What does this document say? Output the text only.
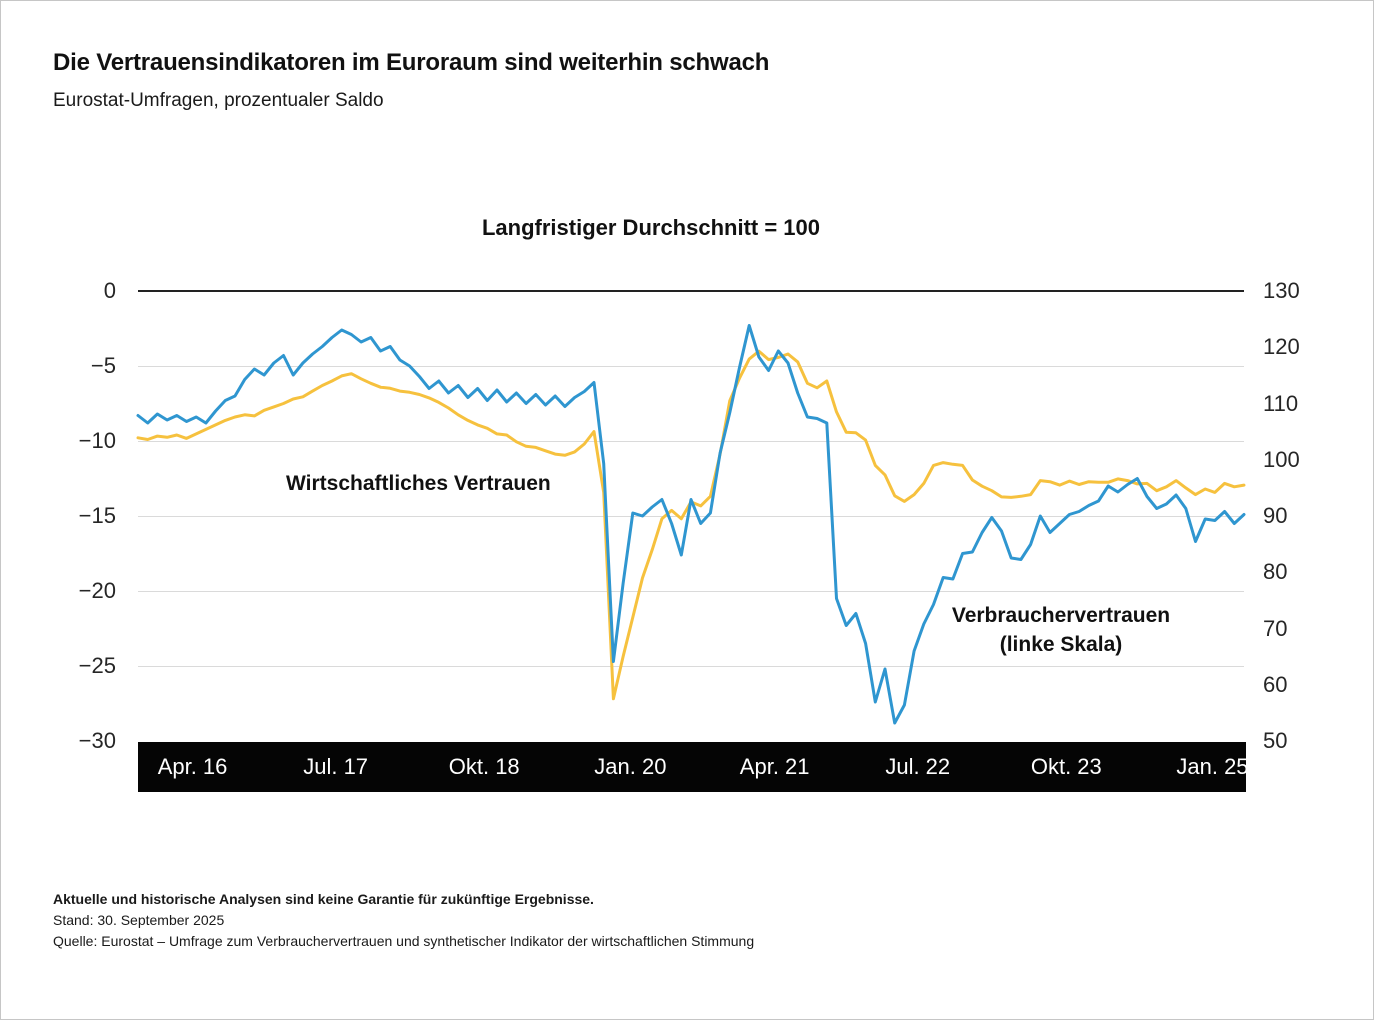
Die Vertrauensindikatoren im Euroraum sind weiterhin schwach
Eurostat-Umfragen, prozentualer Saldo
Langfristiger Durchschnitt = 100
0
−5
−10
−15
−20
−25
−30
130
120
110
100
90
80
70
60
50
Apr. 16	Jul. 17	Okt. 18	Jan. 20	Apr. 21	Jul. 22	Okt. 23	Jan. 25
Wirtschaftliches Vertrauen
Verbrauchervertrauen
(linke Skala)
Aktuelle und historische Analysen sind keine Garantie für zukünftige Ergebnisse.
Stand: 30. September 2025
Quelle: Eurostat – Umfrage zum Verbrauchervertrauen und synthetischer Indikator der wirtschaftlichen Stimmung
